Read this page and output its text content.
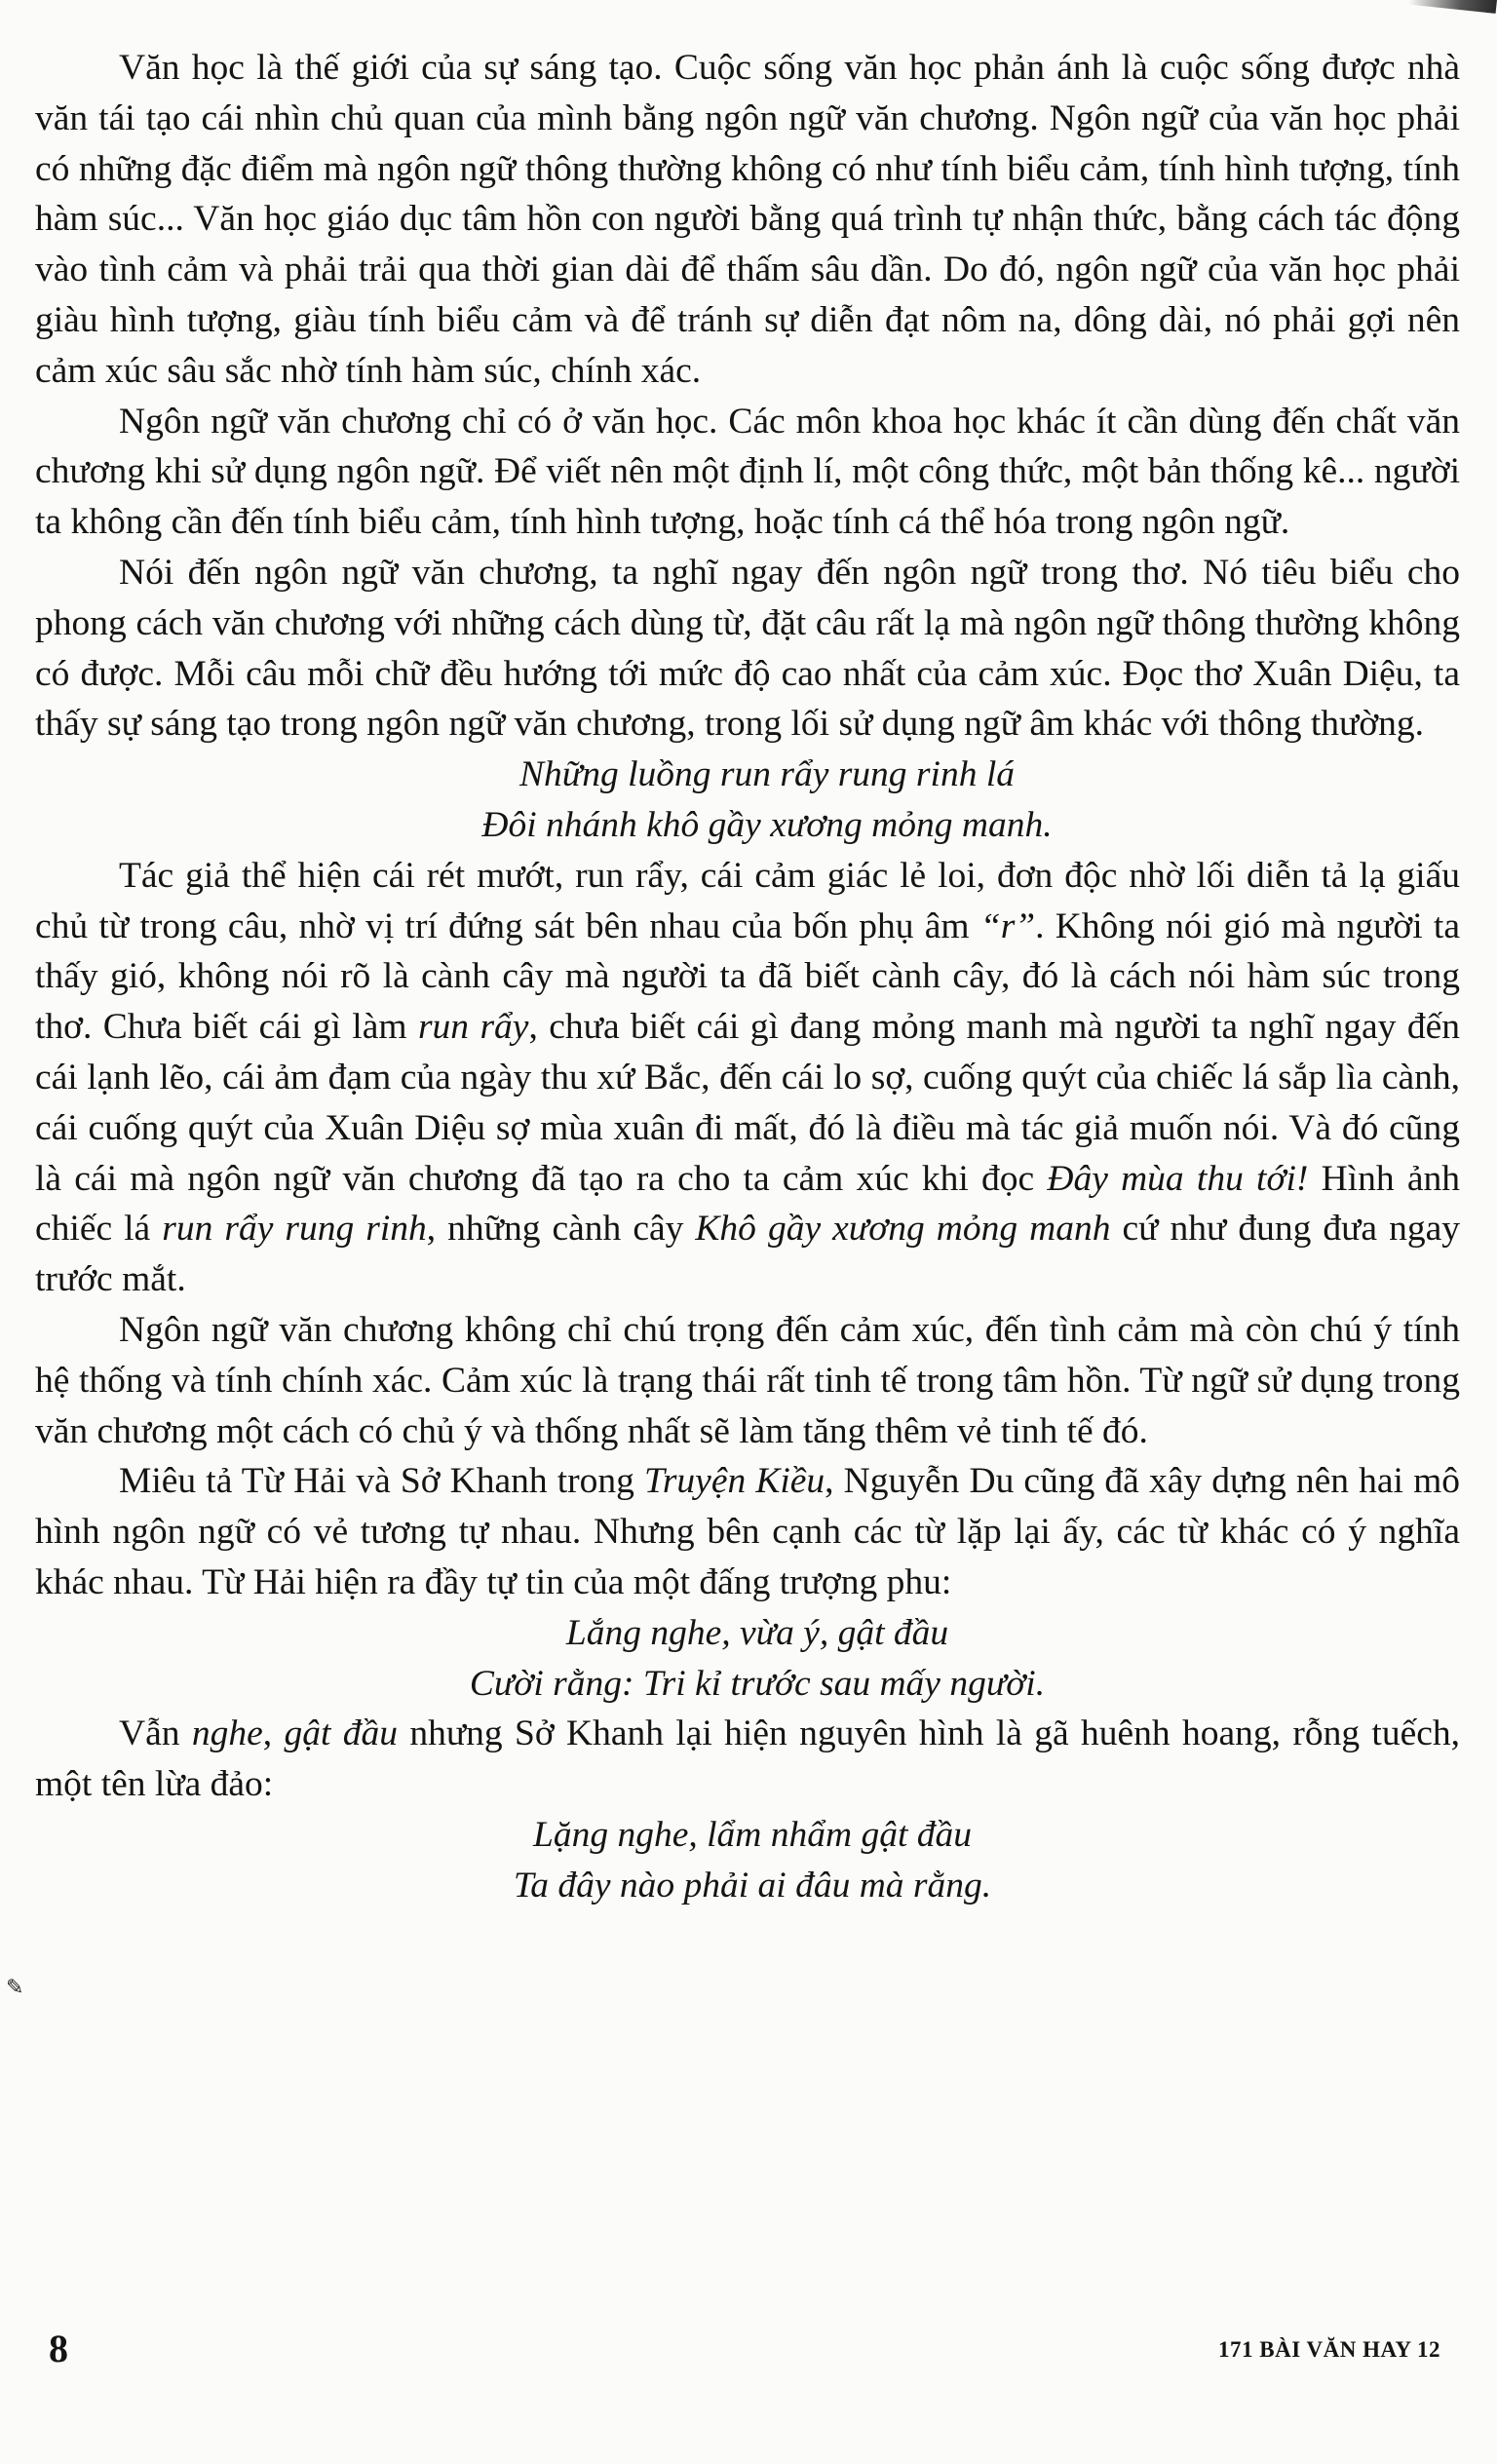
✎

Văn học là thế giới của sự sáng tạo. Cuộc sống văn học phản ánh là cuộc sống được nhà văn tái tạo cái nhìn chủ quan của mình bằng ngôn ngữ văn chương. Ngôn ngữ của văn học phải có những đặc điểm mà ngôn ngữ thông thường không có như tính biểu cảm, tính hình tượng, tính hàm súc... Văn học giáo dục tâm hồn con người bằng quá trình tự nhận thức, bằng cách tác động vào tình cảm và phải trải qua thời gian dài để thấm sâu dần. Do đó, ngôn ngữ của văn học phải giàu hình tượng, giàu tính biểu cảm và để tránh sự diễn đạt nôm na, dông dài, nó phải gợi nên cảm xúc sâu sắc nhờ tính hàm súc, chính xác.

Ngôn ngữ văn chương chỉ có ở văn học. Các môn khoa học khác ít cần dùng đến chất văn chương khi sử dụng ngôn ngữ. Để viết nên một định lí, một công thức, một bản thống kê... người ta không cần đến tính biểu cảm, tính hình tượng, hoặc tính cá thể hóa trong ngôn ngữ.

Nói đến ngôn ngữ văn chương, ta nghĩ ngay đến ngôn ngữ trong thơ. Nó tiêu biểu cho phong cách văn chương với những cách dùng từ, đặt câu rất lạ mà ngôn ngữ thông thường không có được. Mỗi câu mỗi chữ đều hướng tới mức độ cao nhất của cảm xúc. Đọc thơ Xuân Diệu, ta thấy sự sáng tạo trong ngôn ngữ văn chương, trong lối sử dụng ngữ âm khác với thông thường.

Những luồng run rẩy rung rinh lá

Đôi nhánh khô gầy xương mỏng manh.

Tác giả thể hiện cái rét mướt, run rẩy, cái cảm giác lẻ loi, đơn độc nhờ lối diễn tả lạ giấu chủ từ trong câu, nhờ vị trí đứng sát bên nhau của bốn phụ âm “r”. Không nói gió mà người ta thấy gió, không nói rõ là cành cây mà người ta đã biết cành cây, đó là cách nói hàm súc trong thơ. Chưa biết cái gì làm run rẩy, chưa biết cái gì đang mỏng manh mà người ta nghĩ ngay đến cái lạnh lẽo, cái ảm đạm của ngày thu xứ Bắc, đến cái lo sợ, cuống quýt của chiếc lá sắp lìa cành, cái cuống quýt của Xuân Diệu sợ mùa xuân đi mất, đó là điều mà tác giả muốn nói. Và đó cũng là cái mà ngôn ngữ văn chương đã tạo ra cho ta cảm xúc khi đọc Đây mùa thu tới! Hình ảnh chiếc lá run rẩy rung rinh, những cành cây Khô gầy xương mỏng manh cứ như đung đưa ngay trước mắt.

Ngôn ngữ văn chương không chỉ chú trọng đến cảm xúc, đến tình cảm mà còn chú ý tính hệ thống và tính chính xác. Cảm xúc là trạng thái rất tinh tế trong tâm hồn. Từ ngữ sử dụng trong văn chương một cách có chủ ý và thống nhất sẽ làm tăng thêm vẻ tinh tế đó.

Miêu tả Từ Hải và Sở Khanh trong Truyện Kiều, Nguyễn Du cũng đã xây dựng nên hai mô hình ngôn ngữ có vẻ tương tự nhau. Nhưng bên cạnh các từ lặp lại ấy, các từ khác có ý nghĩa khác nhau. Từ Hải hiện ra đầy tự tin của một đấng trượng phu:

Lắng nghe, vừa ý, gật đầu

Cười rằng: Tri kỉ trước sau mấy người.

Vẫn nghe, gật đầu nhưng Sở Khanh lại hiện nguyên hình là gã huênh hoang, rỗng tuếch, một tên lừa đảo:

Lặng nghe, lẩm nhẩm gật đầu

Ta đây nào phải ai đâu mà rằng.

8	171 BÀI VĂN HAY 12
